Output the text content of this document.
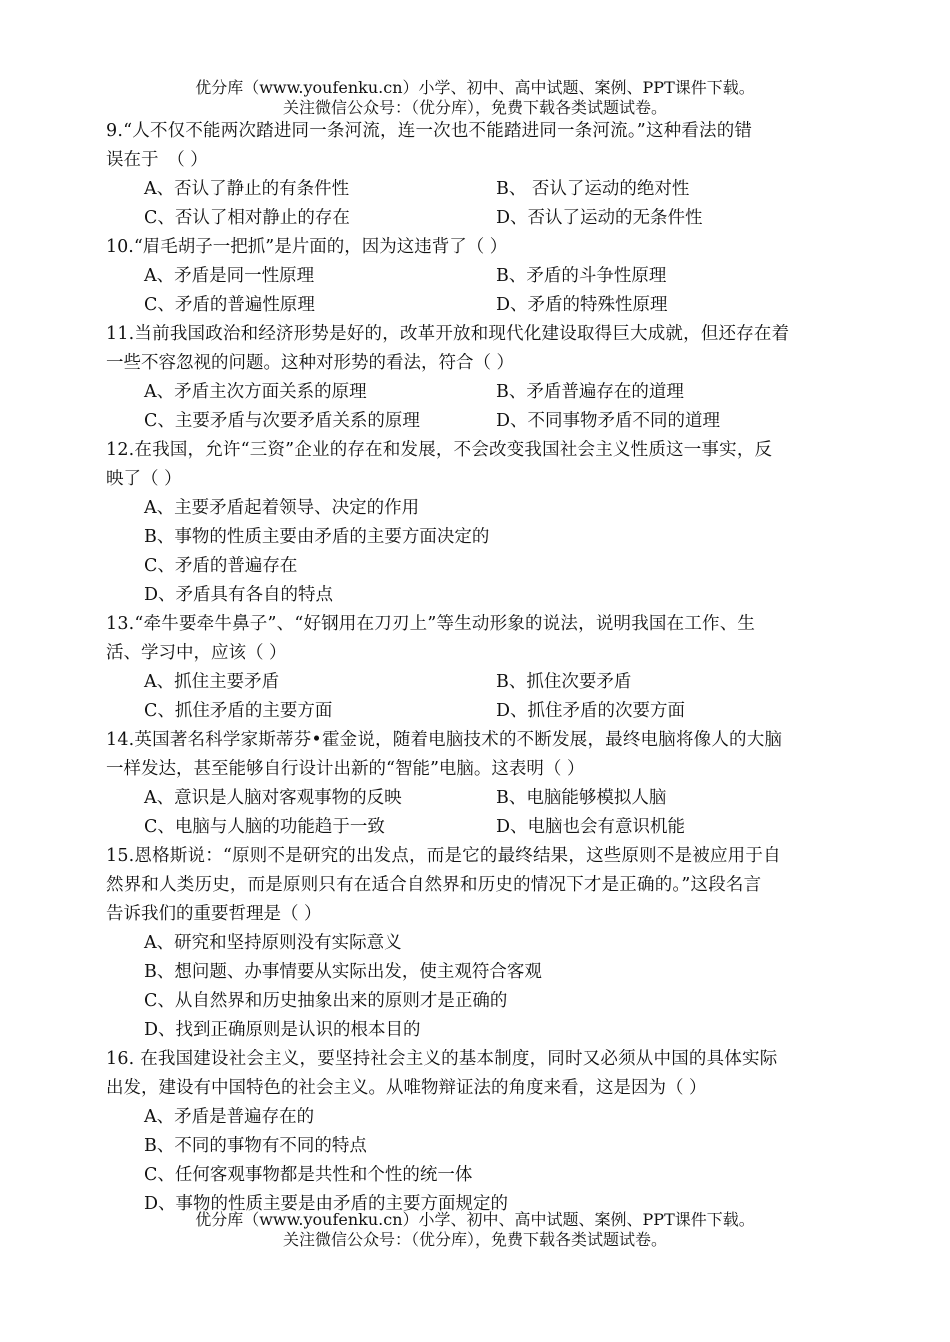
优分库（www.youfenku.cn）小学、初中、高中试题、案例、PPT课件下载。
关注微信公众号：（优分库），免费下载各类试题试卷。
9.“人不仅不能两次踏进同一条河流，连一次也不能踏进同一条河流。”这种看法的错
误在于　（ ）
A、否认了静止的有条件性	B、 否认了运动的绝对性
C、否认了相对静止的存在	D、否认了运动的无条件性
10.“眉毛胡子一把抓”是片面的，因为这违背了（ ）
A、矛盾是同一性原理	B、矛盾的斗争性原理
C、矛盾的普遍性原理	D、矛盾的特殊性原理
11.当前我国政治和经济形势是好的，改革开放和现代化建设取得巨大成就，但还存在着
一些不容忽视的问题。这种对形势的看法，符合（ ）
A、矛盾主次方面关系的原理	B、矛盾普遍存在的道理
C、主要矛盾与次要矛盾关系的原理	D、不同事物矛盾不同的道理
12.在我国，允许“三资”企业的存在和发展，不会改变我国社会主义性质这一事实，反
映了（ ）
A、主要矛盾起着领导、决定的作用
B、事物的性质主要由矛盾的主要方面决定的
C、矛盾的普遍存在
D、矛盾具有各自的特点
13.“牵牛要牵牛鼻子”、“好钢用在刀刃上”等生动形象的说法，说明我国在工作、生
活、学习中，应该（ ）
A、抓住主要矛盾	B、抓住次要矛盾
C、抓住矛盾的主要方面	D、抓住矛盾的次要方面
14.英国著名科学家斯蒂芬•霍金说，随着电脑技术的不断发展，最终电脑将像人的大脑
一样发达，甚至能够自行设计出新的“智能”电脑。这表明（ ）
A、意识是人脑对客观事物的反映	B、电脑能够模拟人脑
C、电脑与人脑的功能趋于一致	D、电脑也会有意识机能
15.恩格斯说：“原则不是研究的出发点，而是它的最终结果，这些原则不是被应用于自
然界和人类历史，而是原则只有在适合自然界和历史的情况下才是正确的。”这段名言
告诉我们的重要哲理是（ ）
A、研究和坚持原则没有实际意义
B、想问题、办事情要从实际出发，使主观符合客观
C、从自然界和历史抽象出来的原则才是正确的
D、找到正确原则是认识的根本目的
16. 在我国建设社会主义，要坚持社会主义的基本制度，同时又必须从中国的具体实际
出发，建设有中国特色的社会主义。从唯物辩证法的角度来看，这是因为（ ）
A、矛盾是普遍存在的
B、不同的事物有不同的特点
C、任何客观事物都是共性和个性的统一体
D、事物的性质主要是由矛盾的主要方面规定的
优分库（www.youfenku.cn）小学、初中、高中试题、案例、PPT课件下载。
关注微信公众号：（优分库），免费下载各类试题试卷。
